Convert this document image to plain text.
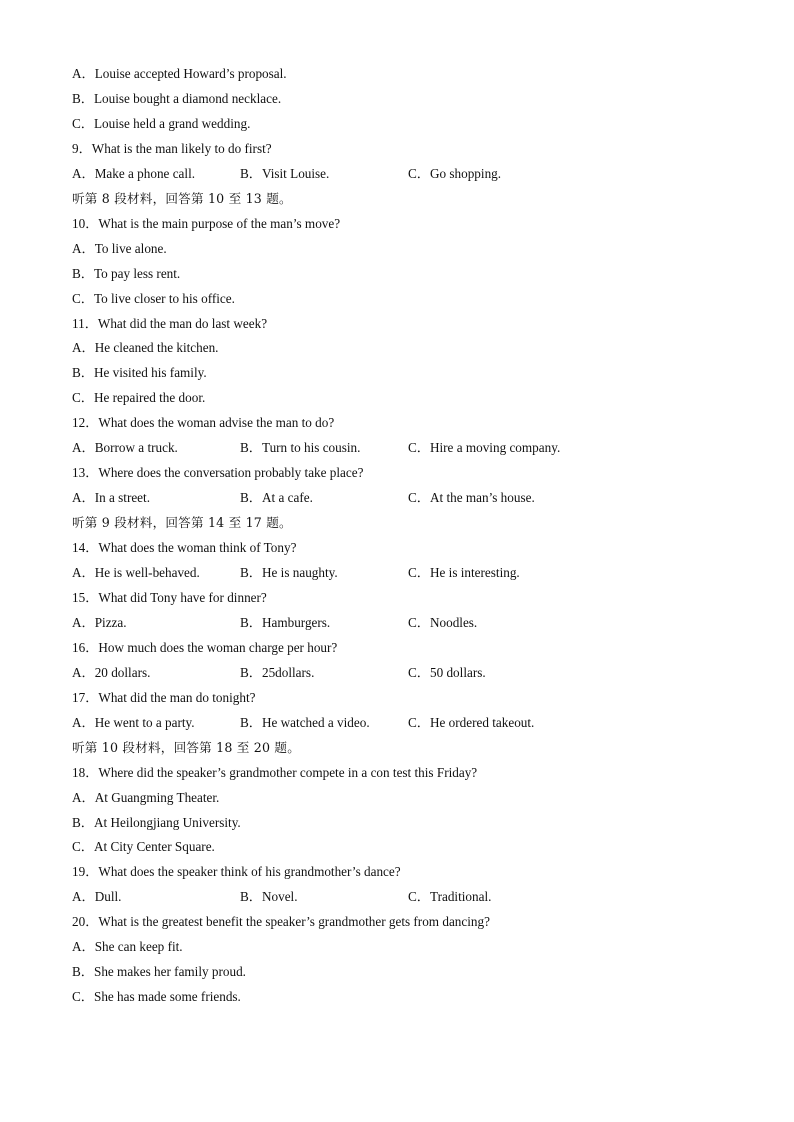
A．Louise accepted Howard’s proposal.
B．Louise bought a diamond necklace.
C．Louise held a grand wedding.
9．What is the man likely to do first?
A．Make a phone call.	B．Visit Louise.	C．Go shopping.
听第 8 段材料，回答第 10 至 13 题。
10．What is the main purpose of the man’s move?
A．To live alone.
B．To pay less rent.
C．To live closer to his office.
11．What did the man do last week?
A．He cleaned the kitchen.
B．He visited his family.
C．He repaired the door.
12．What does the woman advise the man to do?
A．Borrow a truck.	B．Turn to his cousin.	C．Hire a moving company.
13．Where does the conversation probably take place?
A．In a street.	B．At a cafe.	C．At the man’s house.
听第 9 段材料，回答第 14 至 17 题。
14．What does the woman think of Tony?
A．He is well-behaved.	B．He is naughty.	C．He is interesting.
15．What did Tony have for dinner?
A．Pizza.	B．Hamburgers.	C．Noodles.
16．How much does the woman charge per hour?
A．20 dollars.	B．25dollars.	C．50 dollars.
17．What did the man do tonight?
A．He went to a party.	B．He watched a video.	C．He ordered takeout.
听第 10 段材料，回答第 18 至 20 题。
18．Where did the speaker’s grandmother compete in a con test this Friday?
A．At Guangming Theater.
B．At Heilongjiang University.
C．At City Center Square.
19．What does the speaker think of his grandmother’s dance?
A．Dull.	B．Novel.	C．Traditional.
20．What is the greatest benefit the speaker’s grandmother gets from dancing?
A．She can keep fit.
B．She makes her family proud.
C．She has made some friends.
